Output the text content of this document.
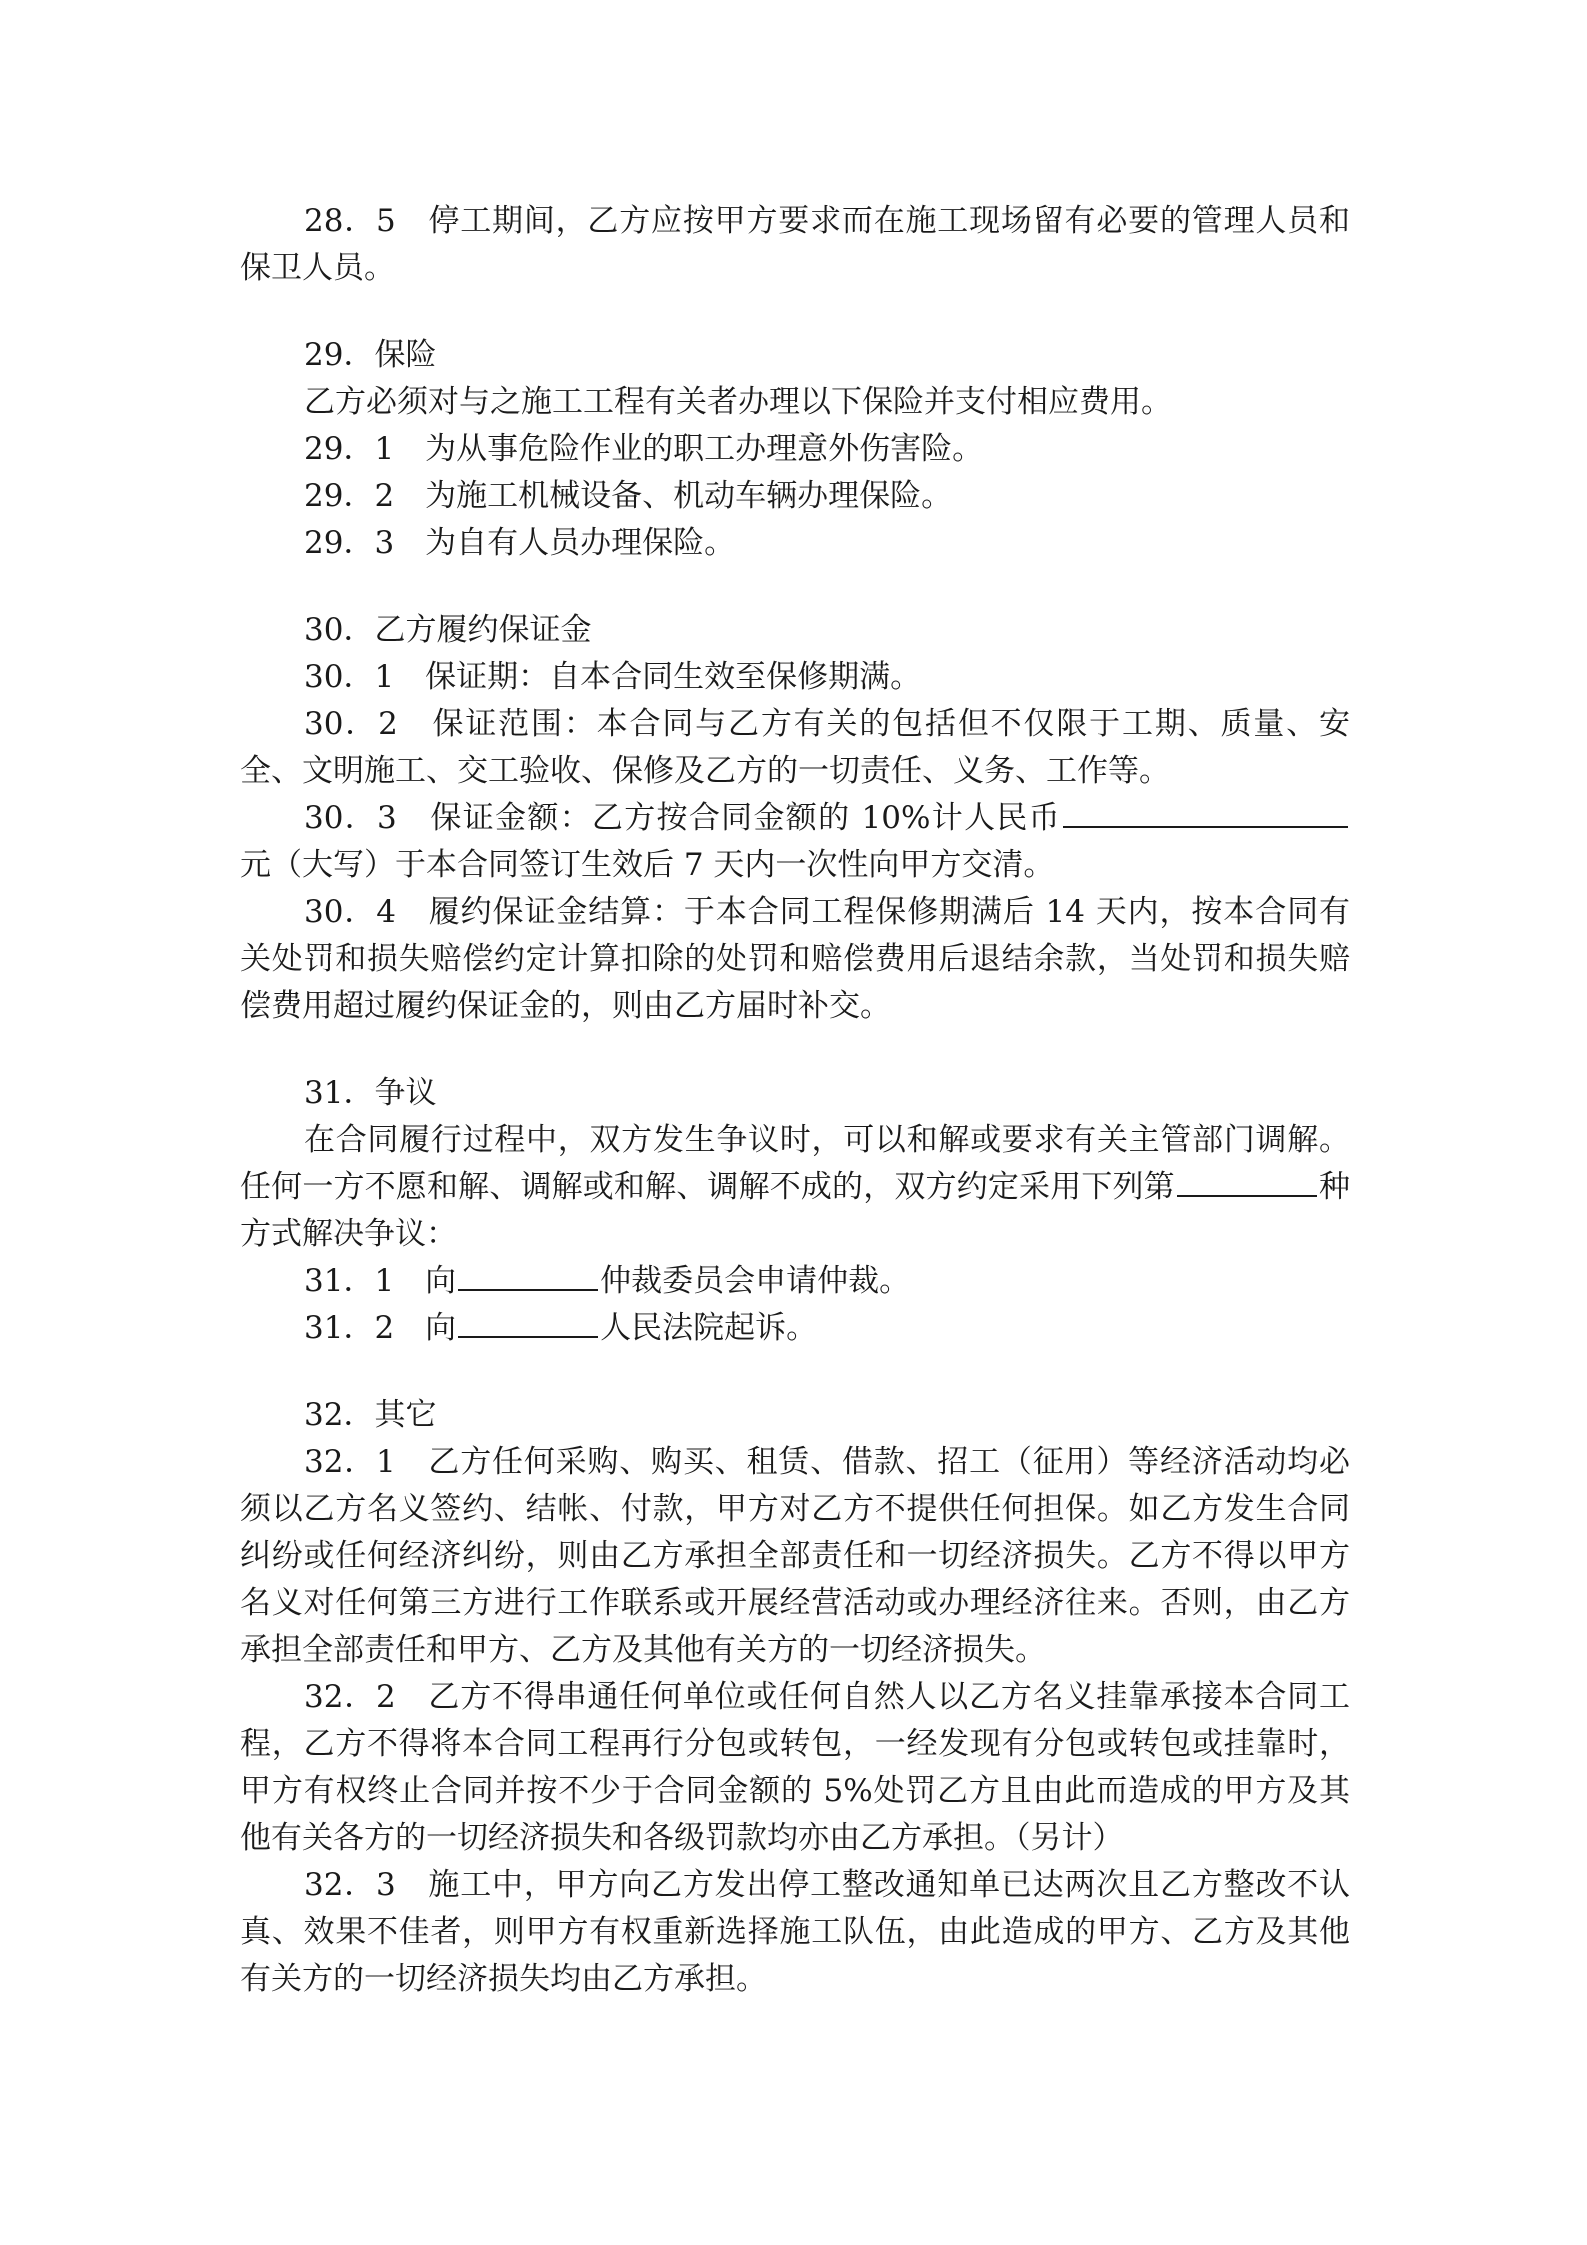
28．5　停工期间，乙方应按甲方要求而在施工现场留有必要的管理人员和保卫人员。

29．保险

乙方必须对与之施工工程有关者办理以下保险并支付相应费用。

29．1　为从事危险作业的职工办理意外伤害险。

29．2　为施工机械设备、机动车辆办理保险。

29．3　为自有人员办理保险。

30．乙方履约保证金

30．1　保证期：自本合同生效至保修期满。

30．2　保证范围：本合同与乙方有关的包括但不仅限于工期、质量、安全、文明施工、交工验收、保修及乙方的一切责任、义务、工作等。

30．3　保证金额：乙方按合同金额的 10%计人民币元（大写）于本合同签订生效后 7 天内一次性向甲方交清。

30．4　履约保证金结算：于本合同工程保修期满后 14 天内，按本合同有关处罚和损失赔偿约定计算扣除的处罚和赔偿费用后退结余款，当处罚和损失赔偿费用超过履约保证金的，则由乙方届时补交。

31．争议

在合同履行过程中，双方发生争议时，可以和解或要求有关主管部门调解。任何一方不愿和解、调解或和解、调解不成的，双方约定采用下列第	种方式解决争议：

31．1　向	仲裁委员会申请仲裁。

31．2　向	人民法院起诉。

32．其它

32．1　乙方任何采购、购买、租赁、借款、招工（征用）等经济活动均必须以乙方名义签约、结帐、付款，甲方对乙方不提供任何担保。如乙方发生合同纠纷或任何经济纠纷，则由乙方承担全部责任和一切经济损失。乙方不得以甲方名义对任何第三方进行工作联系或开展经营活动或办理经济往来。否则，由乙方承担全部责任和甲方、乙方及其他有关方的一切经济损失。

32．2　乙方不得串通任何单位或任何自然人以乙方名义挂靠承接本合同工程，乙方不得将本合同工程再行分包或转包，一经发现有分包或转包或挂靠时，甲方有权终止合同并按不少于合同金额的 5%处罚乙方且由此而造成的甲方及其他有关各方的一切经济损失和各级罚款均亦由乙方承担。（另计）

32．3　施工中，甲方向乙方发出停工整改通知单已达两次且乙方整改不认真、效果不佳者，则甲方有权重新选择施工队伍，由此造成的甲方、乙方及其他有关方的一切经济损失均由乙方承担。
